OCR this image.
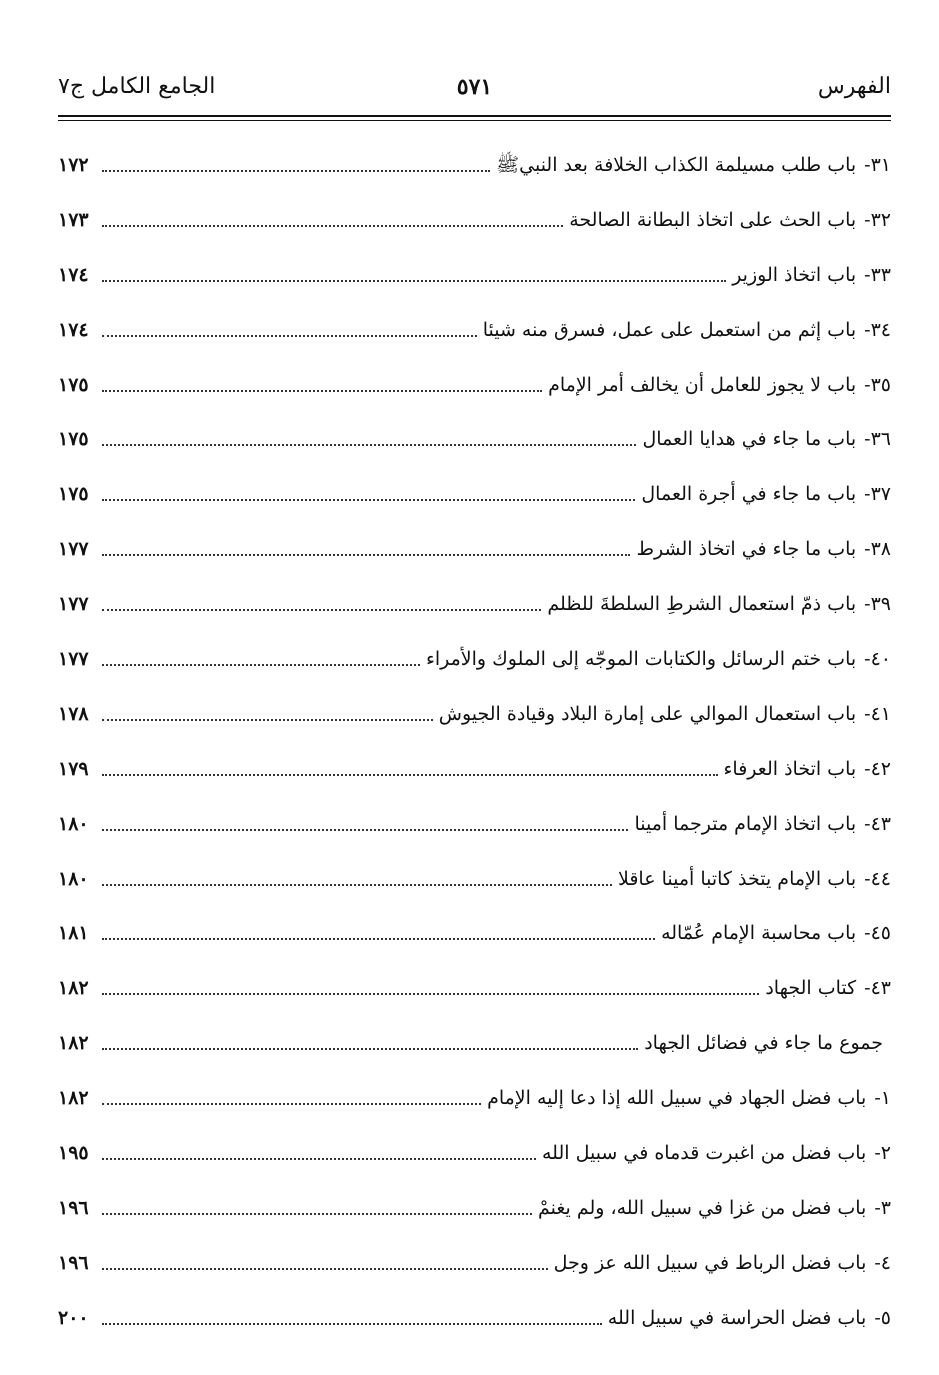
الفهرس
٥٧١
الجامع الكامل ج٧
٣١-
باب طلب مسيلمة الكذاب الخلافة بعد النبيﷺ
١٧٢
٣٢-
باب الحث على اتخاذ البطانة الصالحة
١٧٣
٣٣-
باب اتخاذ الوزير
١٧٤
٣٤-
باب إثم من استعمل على عمل، فسرق منه شيئا
١٧٤
٣٥-
باب لا يجوز للعامل أن يخالف أمر الإمام
١٧٥
٣٦-
باب ما جاء في هدايا العمال
١٧٥
٣٧-
باب ما جاء في أجرة العمال
١٧٥
٣٨-
باب ما جاء في اتخاذ الشرط
١٧٧
٣٩-
باب ذمّ استعمال الشرطِ السلطةَ للظلم
١٧٧
٤٠-
باب ختم الرسائل والكتابات الموجّه إلى الملوك والأمراء
١٧٧
٤١-
باب استعمال الموالي على إمارة البلاد وقيادة الجيوش
١٧٨
٤٢-
باب اتخاذ العرفاء
١٧٩
٤٣-
باب اتخاذ الإمام مترجما أمينا
١٨٠
٤٤-
باب الإمام يتخذ كاتبا أمينا عاقلا
١٨٠
٤٥-
باب محاسبة الإمام عُمّاله
١٨١
٤٣-
كتاب الجهاد
١٨٢
جموع ما جاء في فضائل الجهاد
١٨٢
١-
باب فضل الجهاد في سبيل الله إذا دعا إليه الإمام
١٨٢
٢-
باب فضل من اغبرت قدماه في سبيل الله
١٩٥
٣-
باب فضل من غزا في سبيل الله، ولم يغنمْ
١٩٦
٤-
باب فضل الرباط في سبيل الله عز وجل
١٩٦
٥-
باب فضل الحراسة في سبيل الله
٢٠٠
